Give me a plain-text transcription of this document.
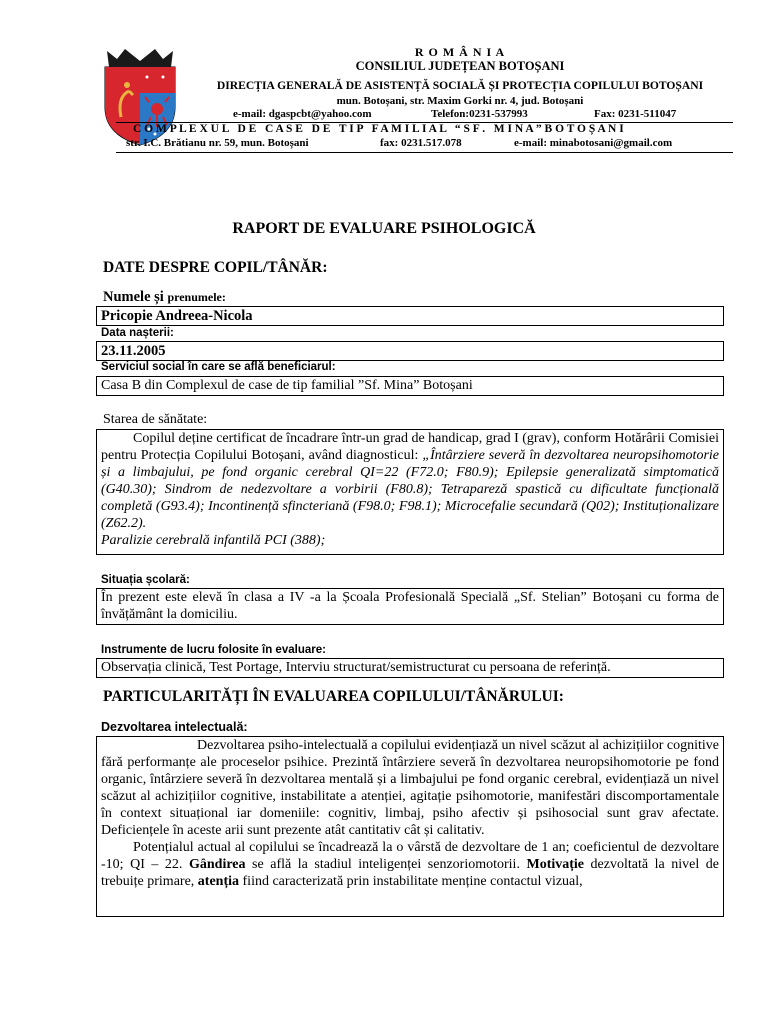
R O M Â N I A
CONSILIUL JUDEȚEAN BOTOȘANI
DIRECȚIA GENERALĂ DE ASISTENȚĂ SOCIALĂ ȘI PROTECȚIA COPILULUI BOTOȘANI
mun. Botoșani, str. Maxim Gorki nr. 4, jud. Botoșani
e-mail: dgaspcbt@yahoo.com	Telefon:0231-537993	Fax: 0231-511047
C O M P L E X U L   D E   C A S E   D E   T I P   F A M I L I A L   “ S F .   M I N A ” B O T O Ș A N I
str. I.C. Brătianu nr. 59, mun. Botoșani	fax: 0231.517.078	e-mail: minabotosani@gmail.com
RAPORT DE EVALUARE PSIHOLOGICĂ
DATE DESPRE COPIL/TÂNĂR:
Numele și prenumele:
Pricopie Andreea-Nicola
Data nașterii:
23.11.2005
Serviciul social în care se află beneficiarul:
Casa B din Complexul de case de tip familial ”Sf. Mina” Botoșani
Starea de sănătate:
Copilul deține certificat de încadrare într-un grad de handicap, grad I (grav), conform Hotărârii Comisiei pentru Protecția Copilului Botoșani, având diagnosticul: „Întârziere severă în dezvoltarea neuropsihomotorie și a limbajului, pe fond organic cerebral QI=22 (F72.0; F80.9); Epilepsie generalizată simptomatică (G40.30); Sindrom de nedezvoltare a vorbirii (F80.8); Tetrapareză spastică cu dificultate funcțională completă (G93.4); Incontinență sfincteriană (F98.0; F98.1); Microcefalie secundară (Q02); Instituționalizare (Z62.2).
Paralizie cerebrală infantilă PCI (388);
Situația școlară:
În prezent este elevă în clasa a IV -a la Școala Profesională Specială „Sf. Stelian” Botoșani cu forma de învățământ la domiciliu.
Instrumente de lucru folosite în evaluare:
Observația clinică, Test Portage, Interviu structurat/semistructurat cu persoana de referință.
PARTICULARITĂȚI ÎN EVALUAREA COPILULUI/TÂNĂRULUI:
Dezvoltarea intelectuală:
Dezvoltarea psiho-intelectuală a copilului evidențiază un nivel scăzut al achizițiilor cognitive fără performanțe ale proceselor psihice. Prezintă întârziere severă în dezvoltarea neuropsihomotorie pe fond organic, întârziere severă în dezvoltarea mentală și a limbajului pe fond organic cerebral, evidențiază un nivel scăzut al achizițiilor cognitive, instabilitate a atenției, agitație psihomotorie, manifestări discomportamentale în context situațional iar domeniile: cognitiv, limbaj, psiho afectiv și psihosocial sunt grav afectate. Deficiențele în aceste arii sunt prezente atât cantitativ cât și calitativ.
Potențialul actual al copilului se încadrează la o vârstă de dezvoltare de 1 an; coeficientul de dezvoltare -10; QI – 22. Gândirea se află la stadiul inteligenței senzoriomotorii. Motivație dezvoltată la nivel de trebuițe primare, atenția fiind caracterizată prin instabilitate menține contactul vizual,
